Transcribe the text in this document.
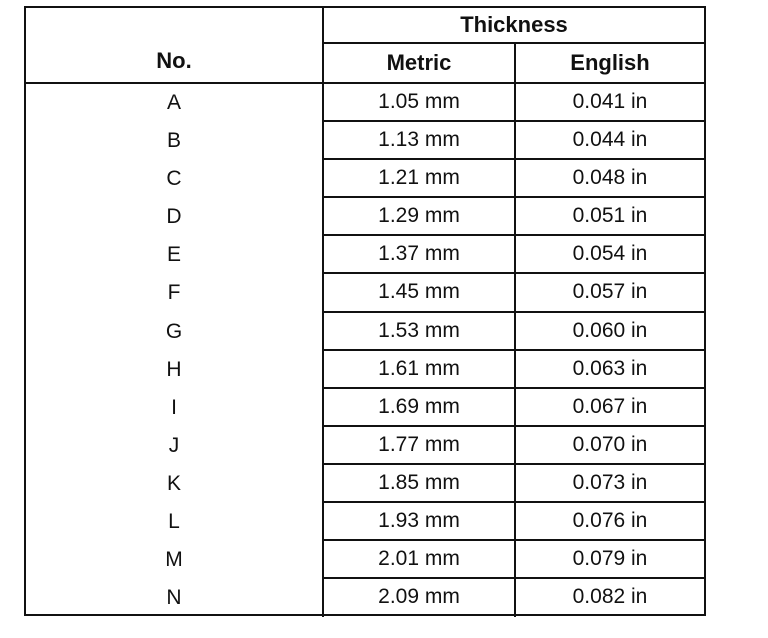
No.
Thickness
Metric	English
A	1.05 mm	0.041 in
B	1.13 mm	0.044 in
C	1.21 mm	0.048 in
D	1.29 mm	0.051 in
E	1.37 mm	0.054 in
F	1.45 mm	0.057 in
G	1.53 mm	0.060 in
H	1.61 mm	0.063 in
I	1.69 mm	0.067 in
J	1.77 mm	0.070 in
K	1.85 mm	0.073 in
L	1.93 mm	0.076 in
M	2.01 mm	0.079 in
N	2.09 mm	0.082 in
